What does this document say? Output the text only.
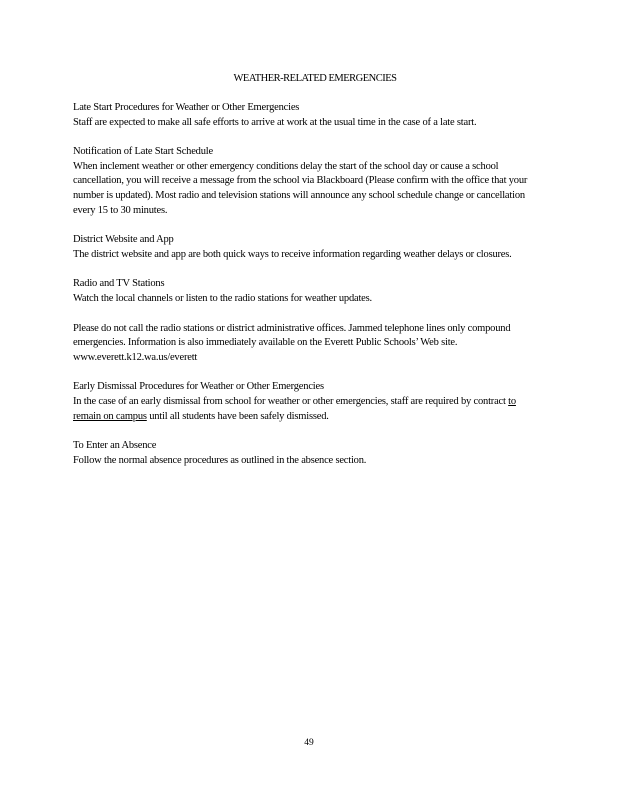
WEATHER-RELATED EMERGENCIES

Late Start Procedures for Weather or Other Emergencies

Staff are expected to make all safe efforts to arrive at work at the usual time in the case of a late start.

Notification of Late Start Schedule

When inclement weather or other emergency conditions delay the start of the school day or cause a school cancellation, you will receive a message from the school via Blackboard (Please confirm with the office that your number is updated). Most radio and television stations will announce any school schedule change or cancellation every 15 to 30 minutes.

District Website and App

The district website and app are both quick ways to receive information regarding weather delays or closures.

Radio and TV Stations

Watch the local channels or listen to the radio stations for weather updates.

Please do not call the radio stations or district administrative offices. Jammed telephone lines only compound emergencies. Information is also immediately available on the Everett Public Schools’ Web site. www.everett.k12.wa.us/everett

Early Dismissal Procedures for Weather or Other Emergencies

In the case of an early dismissal from school for weather or other emergencies, staff are required by contract to remain on campus until all students have been safely dismissed.

To Enter an Absence

Follow the normal absence procedures as outlined in the absence section.

49
